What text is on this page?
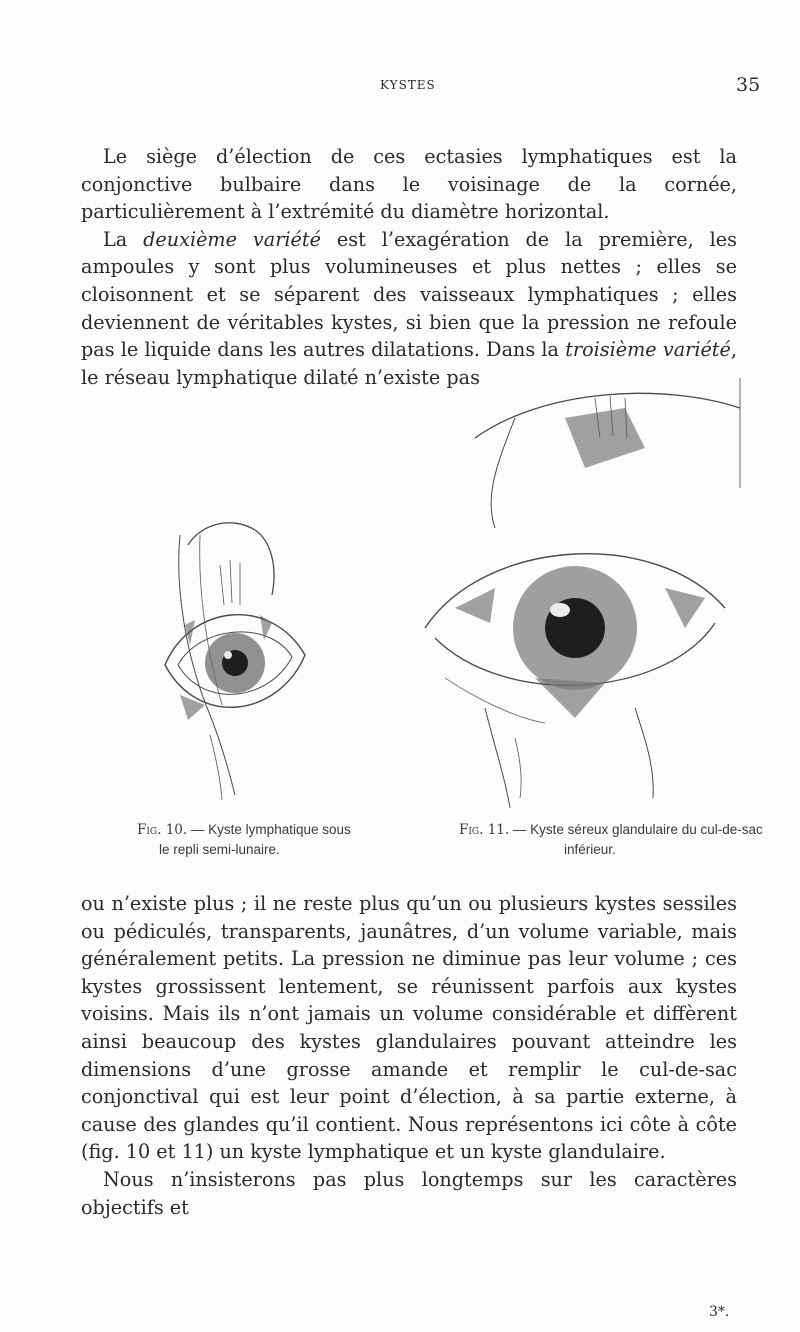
KYSTES	35

Le siège d’élection de ces ectasies lymphatiques est la conjonctive bulbaire dans le voisinage de la cornée, particulièrement à l’extrémité du diamètre horizontal.

La deuxième variété est l’exagération de la première, les ampoules y sont plus volumineuses et plus nettes ; elles se cloisonnent et se séparent des vaisseaux lymphatiques ; elles deviennent de véritables kystes, si bien que la pression ne refoule pas le liquide dans les autres dilatations. Dans la troisième variété, le réseau lymphatique dilaté n’existe pas

Fig. 10. — Kyste lymphatique sous
le repli semi-lunaire.
Fig. 11. — Kyste séreux glandulaire du cul-de-sac
inférieur.

ou n’existe plus ; il ne reste plus qu’un ou plusieurs kystes sessiles ou pédiculés, transparents, jaunâtres, d’un volume variable, mais généralement petits. La pression ne diminue pas leur volume ; ces kystes grossissent lentement, se réunissent parfois aux kystes voisins. Mais ils n’ont jamais un volume considérable et diffèrent ainsi beaucoup des kystes glandulaires pouvant atteindre les dimensions d’une grosse amande et remplir le cul-de-sac conjonctival qui est leur point d’élection, à sa partie externe, à cause des glandes qu’il contient. Nous représentons ici côte à côte (fig. 10 et 11) un kyste lymphatique et un kyste glandulaire.

Nous n’insisterons pas plus longtemps sur les caractères objectifs et

3*.
